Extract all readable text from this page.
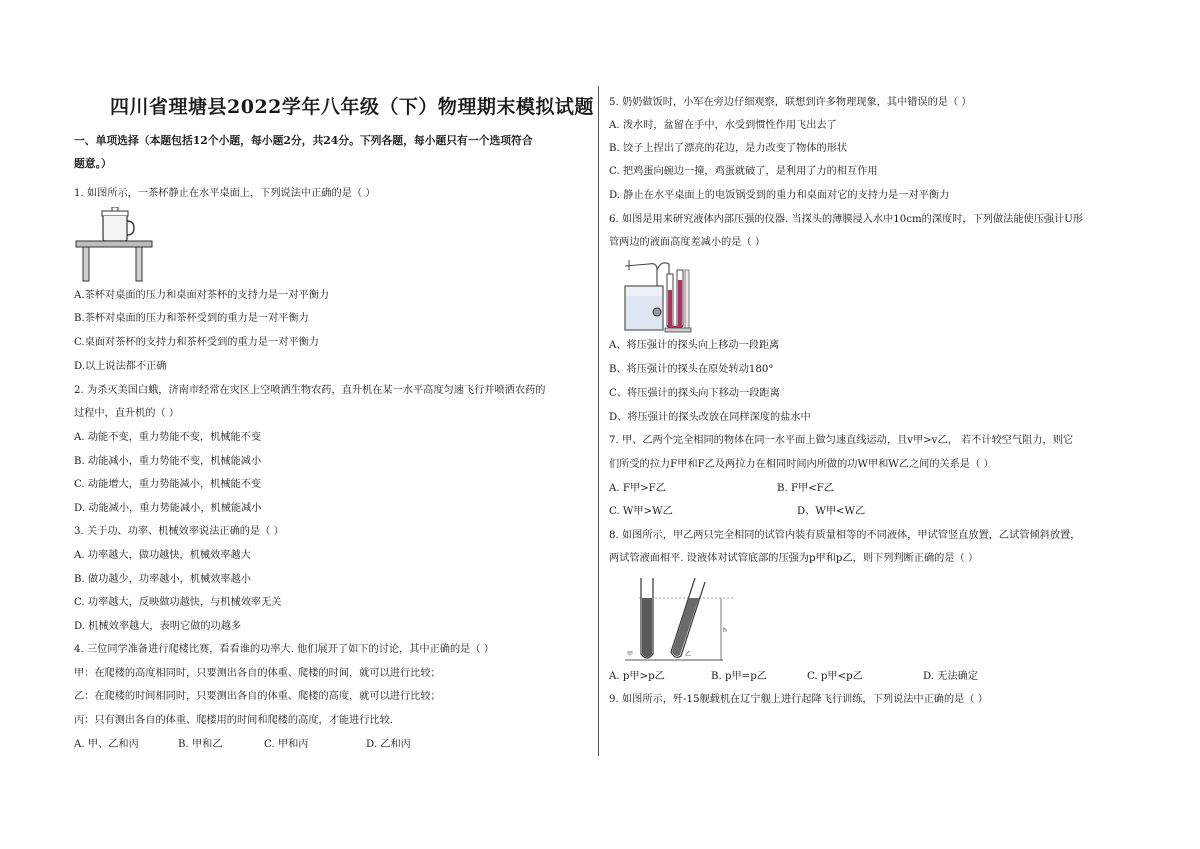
四川省理塘县2022学年八年级（下）物理期末模拟试题
一、单项选择（本题包括12个小题，每小题2分，共24分。下列各题，每小题只有一个选项符合
题意。）
1. 如图所示，一茶杯静止在水平桌面上，下列说法中正确的是（ ）
A.茶杯对桌面的压力和桌面对茶杯的支持力是一对平衡力
B.茶杯对桌面的压力和茶杯受到的重力是一对平衡力
C.桌面对茶杯的支持力和茶杯受到的重力是一对平衡力
D.以上说法都不正确
2. 为杀灭美国白蛾，济南市经常在灾区上空喷洒生物农药，直升机在某一水平高度匀速飞行并喷洒农药的
过程中，直升机的（ ）
A. 动能不变，重力势能不变，机械能不变
B. 动能减小，重力势能不变，机械能减小
C. 动能增大，重力势能减小，机械能不变
D. 动能减小，重力势能减小，机械能减小
3. 关于功、功率、机械效率说法正确的是（ ）
A. 功率越大，做功越快，机械效率越大
B. 做功越少，功率越小，机械效率越小
C. 功率越大，反映做功越快，与机械效率无关
D. 机械效率越大，表明它做的功越多
4. 三位同学准备进行爬楼比赛，看看谁的功率大. 他们展开了如下的讨论，其中正确的是（ ）
甲：在爬楼的高度相同时，只要测出各自的体重、爬楼的时间，就可以进行比较；
乙：在爬楼的时间相同时，只要测出各自的体重、爬楼的高度，就可以进行比较；
丙：只有测出各自的体重、爬楼用的时间和爬楼的高度，才能进行比较.
A. 甲、乙和丙	B. 甲和乙	C. 甲和丙	D. 乙和丙
5. 奶奶做饭时，小军在旁边仔细观察，联想到许多物理现象，其中错误的是（ ）
A. 泼水时，盆留在手中，水受到惯性作用飞出去了
B. 饺子上捏出了漂亮的花边，是力改变了物体的形状
C. 把鸡蛋向碗边一撞，鸡蛋就破了，是利用了力的相互作用
D. 静止在水平桌面上的电饭锅受到的重力和桌面对它的支持力是一对平衡力
6. 如图是用来研究液体内部压强的仪器. 当探头的薄膜浸入水中10cm的深度时，下列做法能使压强计U形
管两边的液面高度差减小的是（ ）
A、将压强计的探头向上移动一段距离
B、将压强计的探头在原处转动180°
C、将压强计的探头向下移动一段距离
D、将压强计的探头改放在同样深度的盐水中
7. 甲、乙两个完全相同的物体在同一水平面上做匀速直线运动，且v甲>v乙， 若不计较空气阻力，则它
们所受的拉力F甲和F乙及两拉力在相同时间内所做的功W甲和W乙之间的关系是（ ）
A. F甲>F乙	B. F甲<F乙
C. W甲>W乙	D、W甲<W乙
8. 如图所示，甲乙两只完全相同的试管内装有质量相等的不同液体，甲试管竖直放置，乙试管倾斜放置，
两试管液面相平. 设液体对试管底部的压强为p甲和p乙，则下列判断正确的是（ ）
h
甲	乙
A. p甲>p乙	B. p甲=p乙	C. p甲<p乙	D. 无法确定
9. 如图所示，歼-15舰载机在辽宁舰上进行起降飞行训练，下列说法中正确的是（ ）
